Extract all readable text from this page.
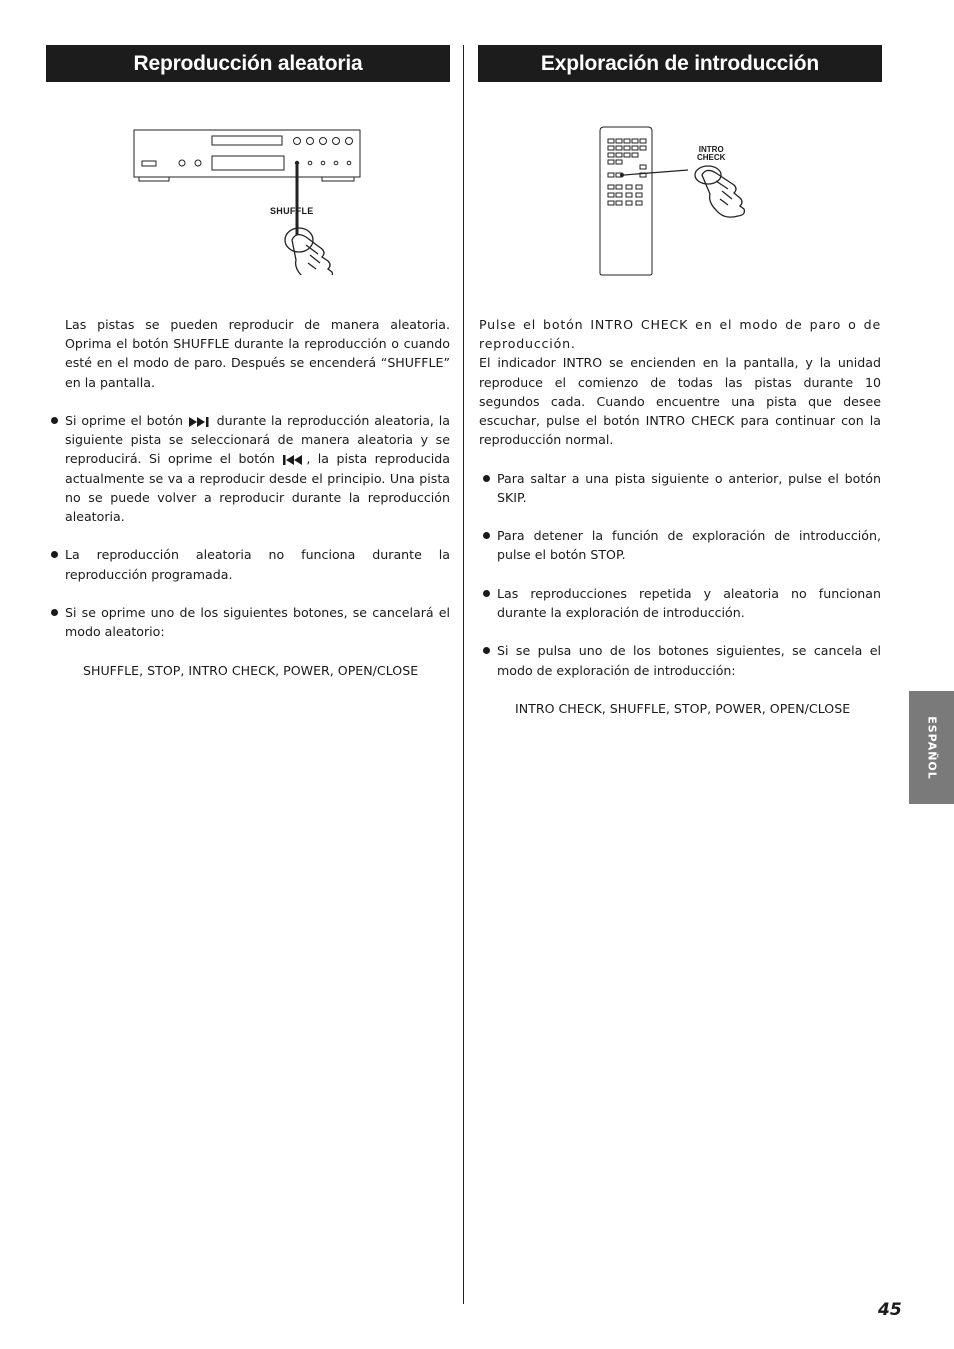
Reproducción aleatoria	Exploración de introducción
SHUFFLE
INTRO
CHECK

Las pistas se pueden reproducir de manera aleatoria. Oprima el botón SHUFFLE durante la reproducción o cuando esté en el modo de paro. Después se encenderá “SHUFFLE” en la pantalla.

Si oprime el botón	durante la reproducción aleatoria, la siguiente pista se seleccionará de manera aleatoria y se reproducirá. Si oprime el botón , la pista reproducida actualmente se va a reproducir desde el principio. Una pista no se puede volver a reproducir durante la reproducción aleatoria.

La reproducción aleatoria no funciona durante la reproducción programada.

Si se oprime uno de los siguientes botones, se cancelará el modo aleatorio:

SHUFFLE, STOP, INTRO CHECK, POWER, OPEN/CLOSE

Pulse el botón INTRO CHECK en el modo de paro o de reproducción.

El indicador INTRO se encienden en la pantalla, y la unidad reproduce el comienzo de todas las pistas durante 10 segundos cada. Cuando encuentre una pista que desee escuchar, pulse el botón INTRO CHECK para continuar con la reproducción normal.

Para saltar a una pista siguiente o anterior, pulse el botón SKIP.

Para detener la función de exploración de introducción, pulse el botón STOP.

Las reproducciones repetida y aleatoria no funcionan durante la exploración de introducción.

Si se pulsa uno de los botones siguientes, se cancela el modo de exploración de introducción:

INTRO CHECK, SHUFFLE, STOP, POWER, OPEN/CLOSE

ESPAÑOL
45
